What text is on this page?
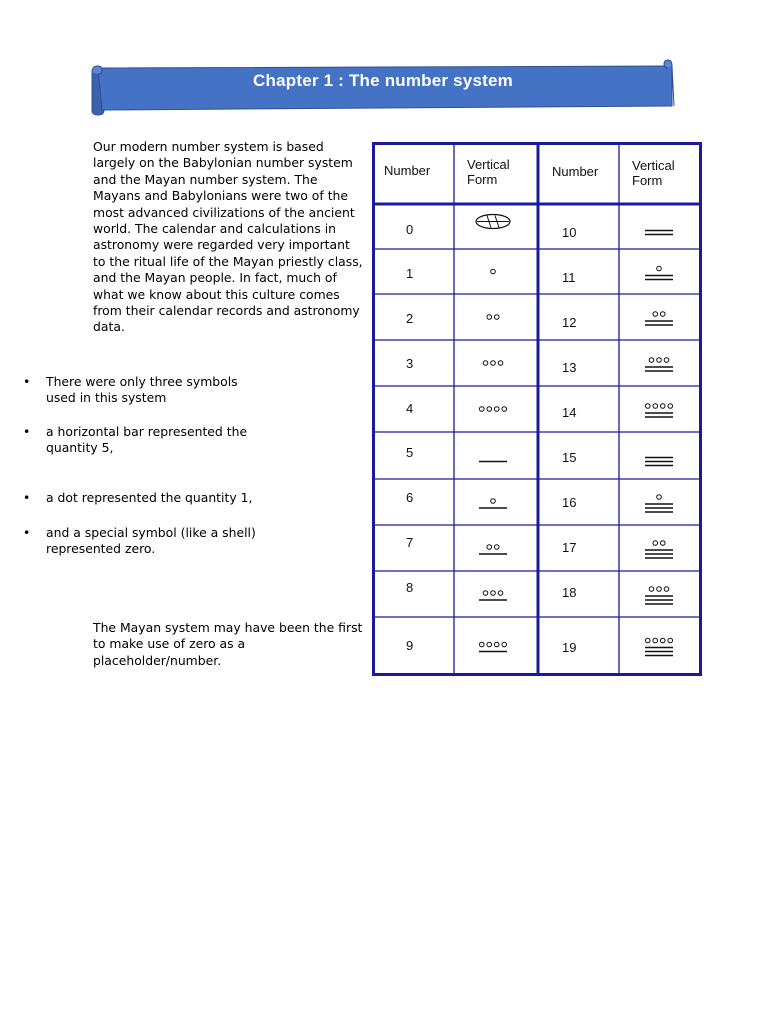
Chapter 1 : The number system

Our modern number system is based largely on the Babylonian number system and the Mayan number system. The Mayans and Babylonians were two of the most advanced civilizations of the ancient world. The calendar and calculations in astronomy were regarded very important to the ritual life of the Mayan priestly class, and the Mayan people. In fact, much of what we know about this culture comes from their calendar records and astronomy data.

• There were only three symbols used in this system
• a horizontal bar represented the quantity 5,
• a dot represented the quantity 1,
• and a special symbol (like a shell) represented zero.

The Mayan system may have been the first to make use of zero as a placeholder/number.

Number	Vertical Form
Number	Vertical Form
0
1
2
3
4
5
6
7
8
9
10
11
12
13
14
15
16
17
18
19
